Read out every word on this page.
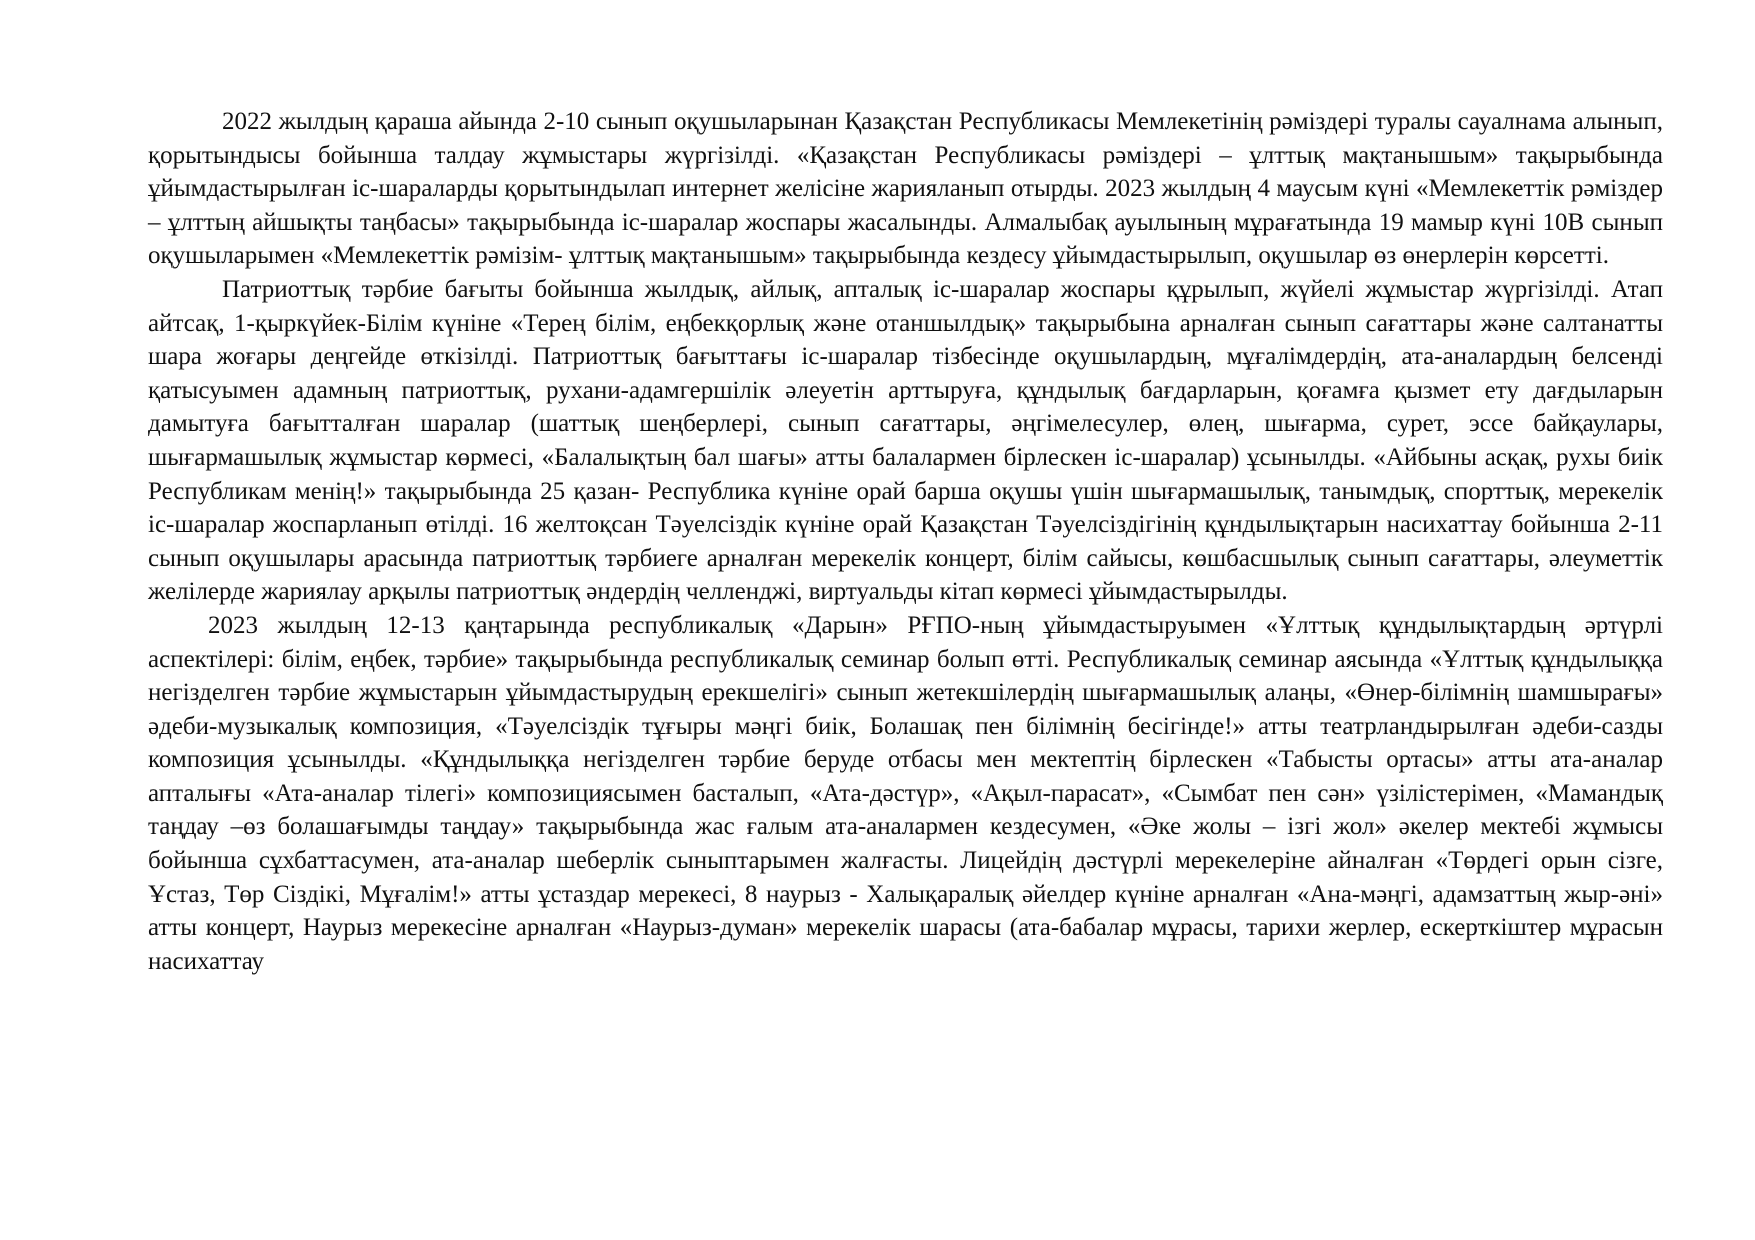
2022 жылдың қараша айында 2-10 сынып оқушыларынан Қазақстан Республикасы Мемлекетінің рәміздері туралы сауалнама алынып, қорытындысы бойынша талдау жұмыстары жүргізілді. «Қазақстан Республикасы рәміздері – ұлттық мақтанышым» тақырыбында ұйымдастырылған іс-шараларды қорытындылап интернет желісіне жарияланып отырды. 2023 жылдың 4 маусым күні «Мемлекеттік рәміздер – ұлттың айшықты таңбасы» тақырыбында іс-шаралар жоспары жасалынды. Алмалыбақ ауылының мұрағатында 19 мамыр күні 10В сынып оқушыларымен «Мемлекеттік рәмізім- ұлттық мақтанышым» тақырыбында кездесу ұйымдастырылып, оқушылар өз өнерлерін көрсетті.

Патриоттық тәрбие бағыты бойынша жылдық, айлық, апталық іс-шаралар жоспары құрылып, жүйелі жұмыстар жүргізілді. Атап айтсақ, 1-қыркүйек-Білім күніне «Терең білім, еңбекқорлық және отаншылдық» тақырыбына арналған сынып сағаттары және салтанатты шара жоғары деңгейде өткізілді. Патриоттық бағыттағы іс-шаралар тізбесінде оқушылардың, мұғалімдердің, ата-аналардың белсенді қатысуымен адамның патриоттық, рухани-адамгершілік әлеуетін арттыруға, құндылық бағдарларын, қоғамға қызмет ету дағдыларын дамытуға бағытталған шаралар (шаттық шеңберлері, сынып сағаттары, әңгімелесулер, өлең, шығарма, сурет, эссе байқаулары, шығармашылық жұмыстар көрмесі, «Балалықтың бал шағы» атты балалармен бірлескен іс-шаралар) ұсынылды. «Айбыны асқақ, рухы биік Республикам менің!» тақырыбында 25 қазан- Республика күніне орай барша оқушы үшін шығармашылық, танымдық, спорттық, мерекелік іс-шаралар жоспарланып өтілді. 16 желтоқсан Тәуелсіздік күніне орай Қазақстан Тәуелсіздігінің құндылықтарын насихаттау бойынша 2-11 сынып оқушылары арасында патриоттық тәрбиеге арналған мерекелік концерт, білім сайысы, көшбасшылық сынып сағаттары, әлеуметтік желілерде жариялау арқылы патриоттық әндердің челленджі, виртуальды кітап көрмесі ұйымдастырылды.

2023 жылдың 12-13 қаңтарында республикалық «Дарын» РҒПО-ның ұйымдастыруымен «Ұлттық құндылықтардың әртүрлі аспектілері: білім, еңбек, тәрбие» тақырыбында республикалық семинар болып өтті. Республикалық семинар аясында «Ұлттық құндылыққа негізделген тәрбие жұмыстарын ұйымдастырудың ерекшелігі» сынып жетекшілердің шығармашылық алаңы, «Өнер-білімнің шамшырағы» әдеби-музыкалық композиция, «Тәуелсіздік тұғыры мәңгі биік, Болашақ пен білімнің бесігінде!» атты театрландырылған әдеби-сазды композиция ұсынылды. «Құндылыққа негізделген тәрбие беруде отбасы мен мектептің бірлескен «Табысты ортасы» атты ата-аналар апталығы «Ата-аналар тілегі» композициясымен басталып, «Ата-дәстүр», «Ақыл-парасат», «Сымбат пен сән» үзілістерімен, «Мамандық таңдау –өз болашағымды таңдау» тақырыбында жас ғалым ата-аналармен кездесумен, «Әке жолы – ізгі жол» әкелер мектебі жұмысы бойынша сұхбаттасумен, ата-аналар шеберлік сыныптарымен жалғасты. Лицейдің дәстүрлі мерекелеріне айналған «Төрдегі орын сізге, Ұстаз, Төр Сіздікі, Мұғалім!» атты ұстаздар мерекесі, 8 наурыз - Халықаралық әйелдер күніне арналған «Ана-мәңгі, адамзаттың жыр-әні» атты концерт, Наурыз мерекесіне арналған «Наурыз-думан» мерекелік шарасы (ата-бабалар мұрасы, тарихи жерлер, ескерткіштер мұрасын насихаттау
